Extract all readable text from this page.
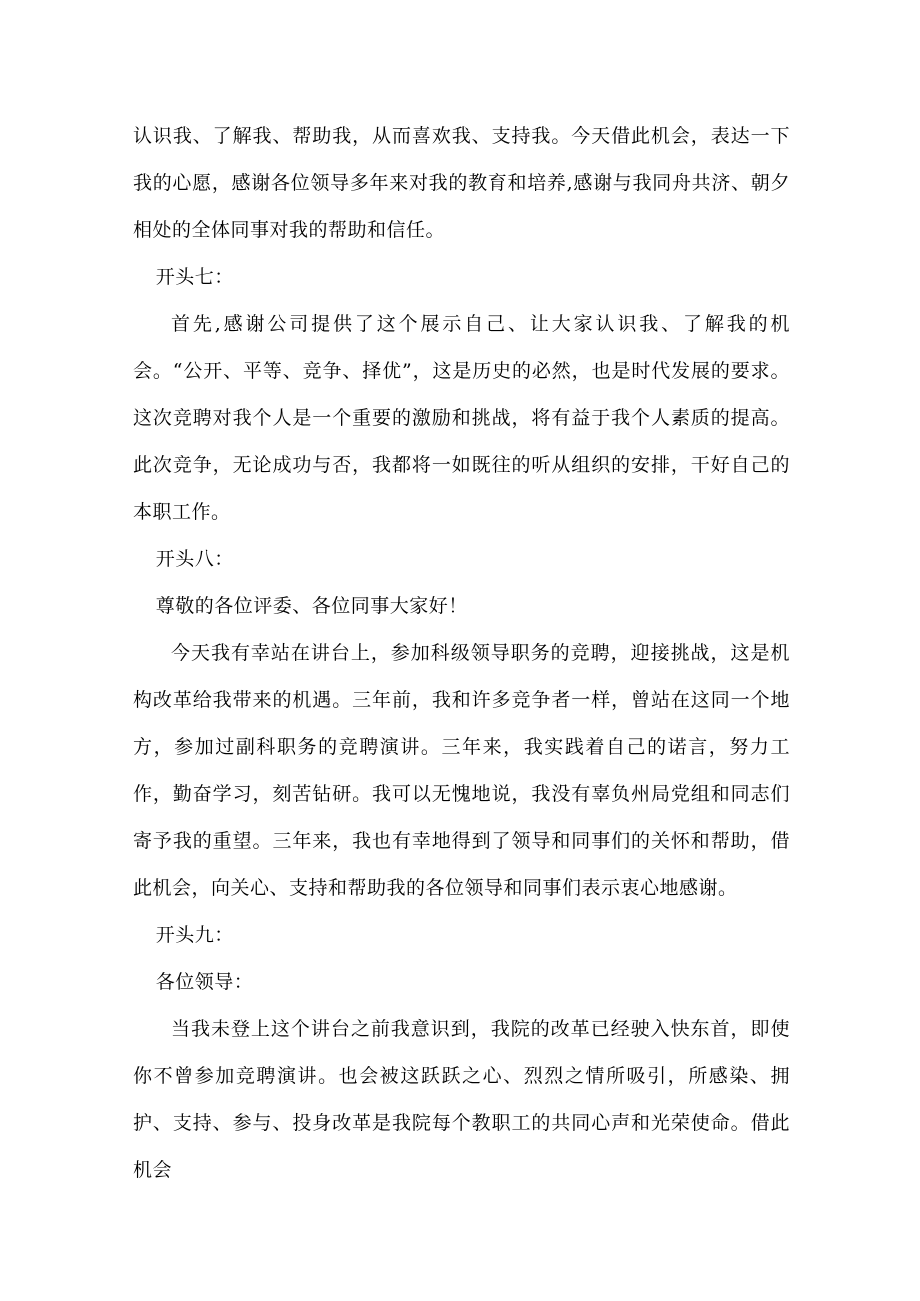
认识我、了解我、帮助我，从而喜欢我、支持我。今天借此机会，表达一下我的心愿，感谢各位领导多年来对我的教育和培养,感谢与我同舟共济、朝夕相处的全体同事对我的帮助和信任。

开头七：

首先,感谢公司提供了这个展示自己、让大家认识我、了解我的机会。“公开、平等、竞争、择优”，这是历史的必然，也是时代发展的要求。这次竞聘对我个人是一个重要的激励和挑战，将有益于我个人素质的提高。此次竞争，无论成功与否，我都将一如既往的听从组织的安排，干好自己的本职工作。

开头八：

尊敬的各位评委、各位同事大家好！

今天我有幸站在讲台上，参加科级领导职务的竞聘，迎接挑战，这是机构改革给我带来的机遇。三年前，我和许多竞争者一样，曾站在这同一个地方，参加过副科职务的竞聘演讲。三年来，我实践着自己的诺言，努力工作，勤奋学习，刻苦钻研。我可以无愧地说，我没有辜负州局党组和同志们寄予我的重望。三年来，我也有幸地得到了领导和同事们的关怀和帮助，借此机会，向关心、支持和帮助我的各位领导和同事们表示衷心地感谢。

开头九：

各位领导：

当我未登上这个讲台之前我意识到，我院的改革已经驶入快东首，即使你不曾参加竞聘演讲。也会被这跃跃之心、烈烈之情所吸引，所感染、拥护、支持、参与、投身改革是我院每个教职工的共同心声和光荣使命。借此机会
